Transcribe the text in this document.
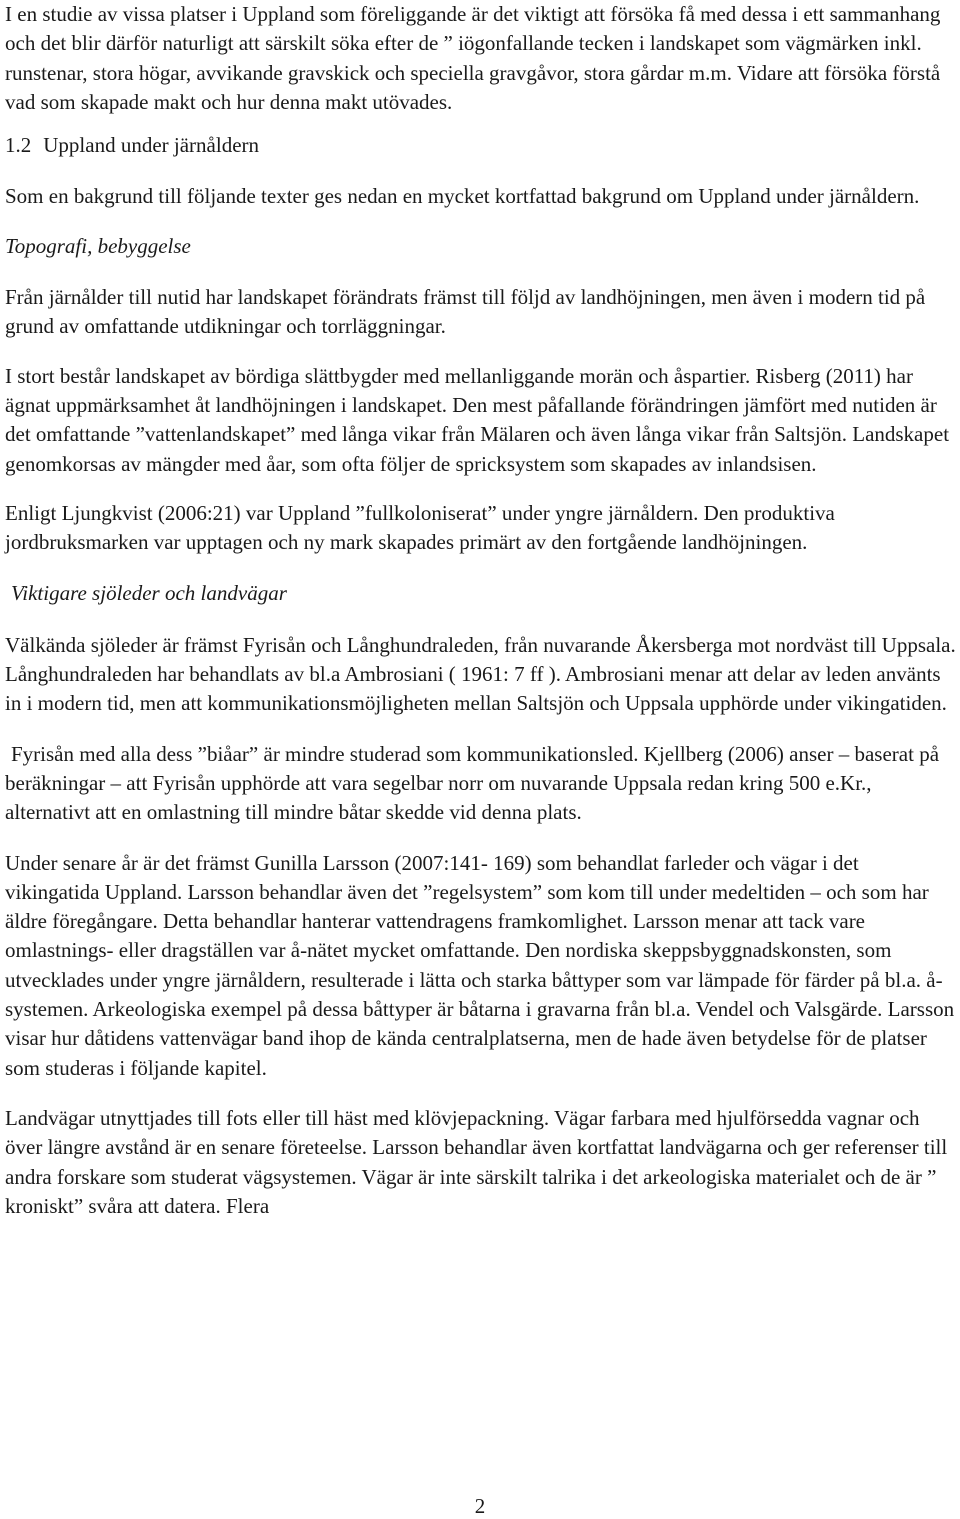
I en studie av vissa platser i Uppland som föreliggande är det viktigt att försöka få med dessa i ett sammanhang och det blir därför naturligt att särskilt söka efter de ” iögonfallande tecken i landskapet som vägmärken inkl. runstenar, stora högar, avvikande gravskick och speciella gravgåvor, stora gårdar m.m. Vidare att försöka förstå vad som skapade makt och hur denna makt utövades.

1.2 Uppland under järnåldern

Som en bakgrund till följande texter ges nedan en mycket kortfattad bakgrund om Uppland under järnåldern.

Topografi, bebyggelse

Från järnålder till nutid har landskapet förändrats främst till följd av landhöjningen, men även i modern tid på grund av omfattande utdikningar och torrläggningar.

I stort består landskapet av bördiga slättbygder med mellanliggande morän och åspartier. Risberg (2011) har ägnat uppmärksamhet åt landhöjningen i landskapet. Den mest påfallande förändringen jämfört med nutiden är det omfattande ”vattenlandskapet” med långa vikar från Mälaren och även långa vikar från Saltsjön. Landskapet genomkorsas av mängder med åar, som ofta följer de spricksystem som skapades av inlandsisen.

Enligt Ljungkvist (2006:21) var Uppland ”fullkoloniserat” under yngre järnåldern. Den produktiva jordbruksmarken var upptagen och ny mark skapades primärt av den fortgående landhöjningen.

Viktigare sjöleder och landvägar

Välkända sjöleder är främst Fyrisån och Långhundraleden, från nuvarande Åkersberga mot nordväst till Uppsala. Långhundraleden har behandlats av bl.a Ambrosiani ( 1961: 7 ff ). Ambrosiani menar att delar av leden använts in i modern tid, men att kommunikationsmöjligheten mellan Saltsjön och Uppsala upphörde under vikingatiden.

Fyrisån med alla dess ”biåar” är mindre studerad som kommunikationsled. Kjellberg (2006) anser – baserat på beräkningar – att Fyrisån upphörde att vara segelbar norr om nuvarande Uppsala redan kring 500 e.Kr., alternativt att en omlastning till mindre båtar skedde vid denna plats.

Under senare år är det främst Gunilla Larsson (2007:141- 169) som behandlat farleder och vägar i det vikingatida Uppland. Larsson behandlar även det ”regelsystem” som kom till under medeltiden – och som har äldre föregångare. Detta behandlar hanterar vattendragens framkomlighet. Larsson menar att tack vare omlastnings- eller dragställen var å-nätet mycket omfattande. Den nordiska skeppsbyggnadskonsten, som utvecklades under yngre järnåldern, resulterade i lätta och starka båttyper som var lämpade för färder på bl.a. å-systemen. Arkeologiska exempel på dessa båttyper är båtarna i gravarna från bl.a. Vendel och Valsgärde. Larsson visar hur dåtidens vattenvägar band ihop de kända centralplatserna, men de hade även betydelse för de platser som studeras i följande kapitel.

Landvägar utnyttjades till fots eller till häst med klövjepackning. Vägar farbara med hjulförsedda vagnar och över längre avstånd är en senare företeelse. Larsson behandlar även kortfattat landvägarna och ger referenser till andra forskare som studerat vägsystemen. Vägar är inte särskilt talrika i det arkeologiska materialet och de är ” kroniskt” svåra att datera. Flera

2
